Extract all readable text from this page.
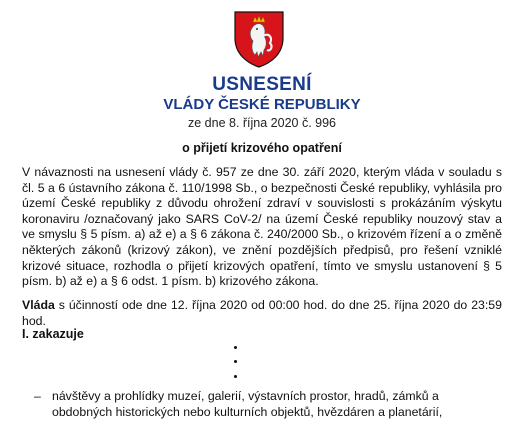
USNESENÍ
VLÁDY ČESKÉ REPUBLIKY
ze dne 8. října 2020 č. 996
o přijetí krizového opatření
V návaznosti na usnesení vlády č. 957 ze dne 30. září 2020, kterým vláda v souladu s čl. 5 a 6 ústavního zákona č. 110/1998 Sb., o bezpečnosti České republiky, vyhlásila pro území České republiky z důvodu ohrožení zdraví v souvislosti s prokázáním výskytu koronaviru /označovaný jako SARS CoV-2/ na území České republiky nouzový stav a ve smyslu § 5 písm. a) až e) a § 6 zákona č. 240/2000 Sb., o krizovém řízení a o změně některých zákonů (krizový zákon), ve znění pozdějších předpisů, pro řešení vzniklé krizové situace, rozhodla o přijetí krizových opatření, tímto ve smyslu ustanovení § 5 písm. b) až e) a § 6 odst. 1 písm. b) krizového zákona.
Vláda s účinností ode dne 12. října 2020 od 00:00 hod. do dne 25. října 2020 do 23:59 hod.
I. zakazuje
– návštěvy a prohlídky muzeí, galerií, výstavních prostor, hradů, zámků a obdobných historických nebo kulturních objektů, hvězdáren a planetárií,
